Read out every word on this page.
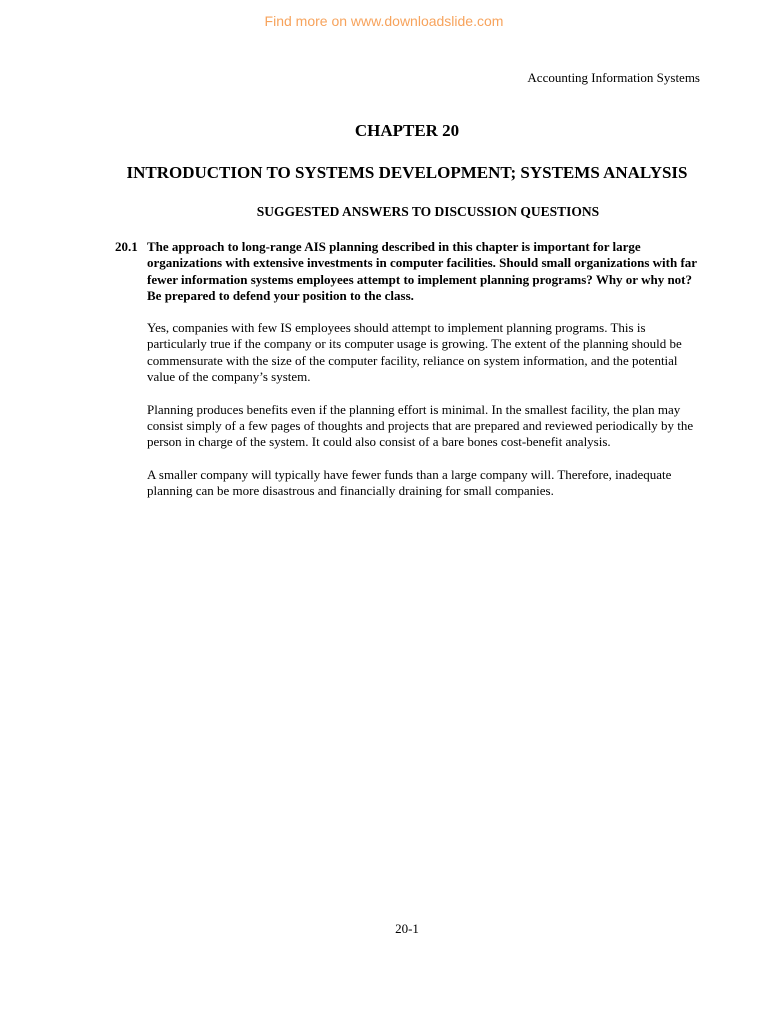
Find more on www.downloadslide.com
Accounting Information Systems
CHAPTER 20
INTRODUCTION TO SYSTEMS DEVELOPMENT; SYSTEMS ANALYSIS
SUGGESTED ANSWERS TO DISCUSSION QUESTIONS
20.1 The approach to long-range AIS planning described in this chapter is important for large organizations with extensive investments in computer facilities. Should small organizations with far fewer information systems employees attempt to implement planning programs? Why or why not? Be prepared to defend your position to the class.

Yes, companies with few IS employees should attempt to implement planning programs. This is particularly true if the company or its computer usage is growing. The extent of the planning should be commensurate with the size of the computer facility, reliance on system information, and the potential value of the company’s system.

Planning produces benefits even if the planning effort is minimal. In the smallest facility, the plan may consist simply of a few pages of thoughts and projects that are prepared and reviewed periodically by the person in charge of the system. It could also consist of a bare bones cost-benefit analysis.

A smaller company will typically have fewer funds than a large company will. Therefore, inadequate planning can be more disastrous and financially draining for small companies.

20-1
